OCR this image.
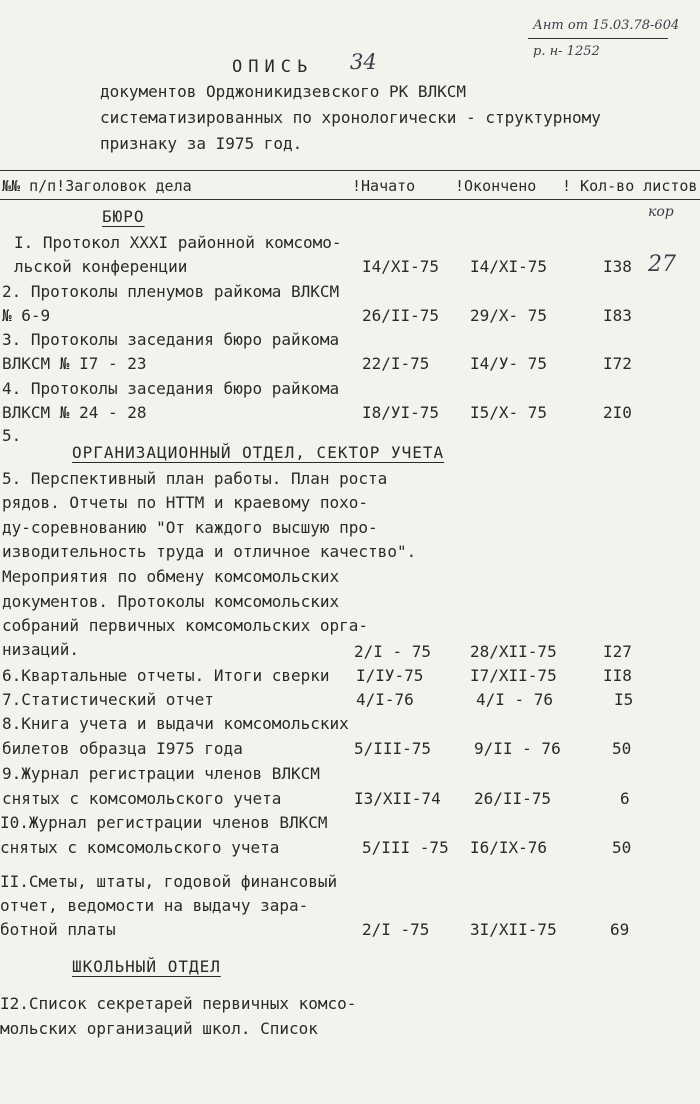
Ант от 15.03.78-604
р. н- 1252
ОПИСЬ 34
документов Орджоникидзевского РК ВЛКСМ
систематизированных по хронологически - структурному
признаку за I975 год.
№№ п/п!Заголовок дела	!Начато	!Окончено ! Кол-во листов
кор
БЮРО
I. Протокол XXXI районной комсомо-
льской конференции	I4/XI-75 I4/XI-75	I38 27
2. Протоколы пленумов райкома ВЛКСМ
№ 6-9	26/II-75 29/X- 75	I83
3. Протоколы заседания бюро райкома
ВЛКСМ № I7 - 23	22/I-75	I4/У- 75	I72
4. Протоколы заседания бюро райкома
ВЛКСМ № 24 - 28	I8/УI-75 I5/X- 75	2I0
5.
ОРГАНИЗАЦИОННЫЙ ОТДЕЛ, СЕКТОР УЧЕТА
5. Перспективный план работы. План роста
рядов. Отчеты по НТТМ и краевому похо-
ду-соревнованию "От каждого высшую про-
изводительность труда и отличное качество".
Мероприятия по обмену комсомольских
документов. Протоколы комсомольских
собраний первичных комсомольских орга-
низаций.	2/I - 75 28/XII-75	I27
6.Квартальные отчеты. Итоги сверки I/IУ-75	I7/XII-75	II8
7.Статистический отчет	4/I-76	4/I - 76	I5
8.Книга учета и выдачи комсомольских
билетов образца I975 года	5/III-75	9/II - 76	50
9.Журнал регистрации членов ВЛКСМ
снятых с комсомольского учета	I3/XII-74 26/II-75	6
I0.Журнал регистрации членов ВЛКСМ
снятых с комсомольского учета	5/III -75 I6/IX-76	50
II.Сметы, штаты, годовой финансовый
отчет, ведомости на выдачу зара-
ботной платы	2/I -75	3I/XII-75	69
ШКОЛЬНЫЙ ОТДЕЛ
I2.Список секретарей первичных комсо-
мольских организаций школ. Список
